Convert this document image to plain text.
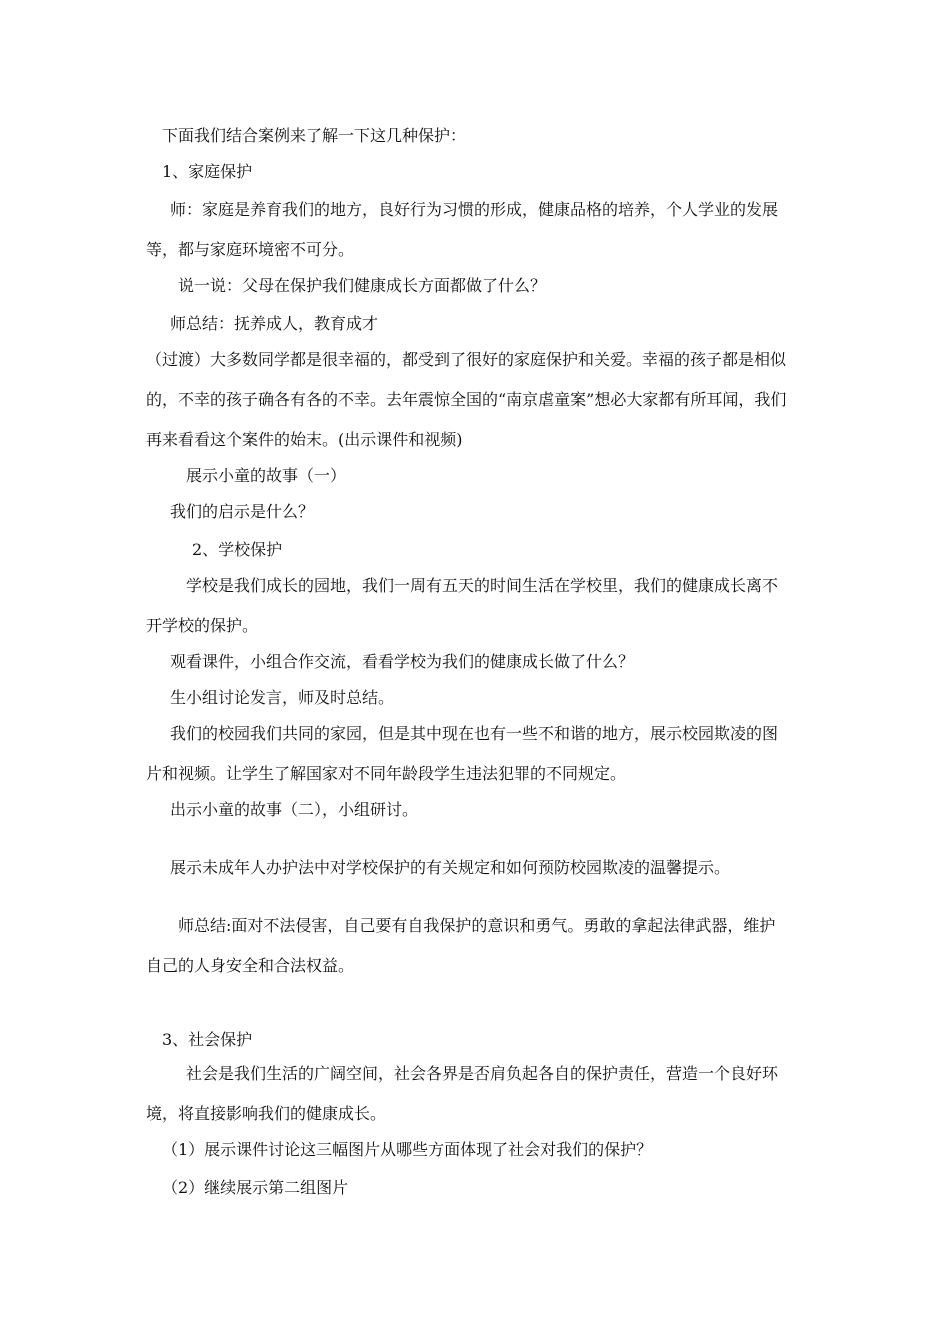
下面我们结合案例来了解一下这几种保护：
1、家庭保护
师：家庭是养育我们的地方，良好行为习惯的形成，健康品格的培养，个人学业的发展
等，都与家庭环境密不可分。
说一说：父母在保护我们健康成长方面都做了什么？
师总结：抚养成人，教育成才
（过渡）大多数同学都是很幸福的，都受到了很好的家庭保护和关爱。幸福的孩子都是相似
的，不幸的孩子确各有各的不幸。去年震惊全国的“南京虐童案”想必大家都有所耳闻，我们
再来看看这个案件的始末。(出示课件和视频)
展示小童的故事（一）
我们的启示是什么？
2、学校保护
学校是我们成长的园地，我们一周有五天的时间生活在学校里，我们的健康成长离不
开学校的保护。
观看课件，小组合作交流，看看学校为我们的健康成长做了什么？
生小组讨论发言，师及时总结。
我们的校园我们共同的家园，但是其中现在也有一些不和谐的地方，展示校园欺凌的图
片和视频。让学生了解国家对不同年龄段学生违法犯罪的不同规定。
出示小童的故事（二），小组研讨。
展示未成年人办护法中对学校保护的有关规定和如何预防校园欺凌的温馨提示。
师总结:面对不法侵害，自己要有自我保护的意识和勇气。勇敢的拿起法律武器，维护
自己的人身安全和合法权益。
3、社会保护
社会是我们生活的广阔空间，社会各界是否肩负起各自的保护责任，营造一个良好环
境，将直接影响我们的健康成长。
（1）展示课件讨论这三幅图片从哪些方面体现了社会对我们的保护？
（2）继续展示第二组图片
